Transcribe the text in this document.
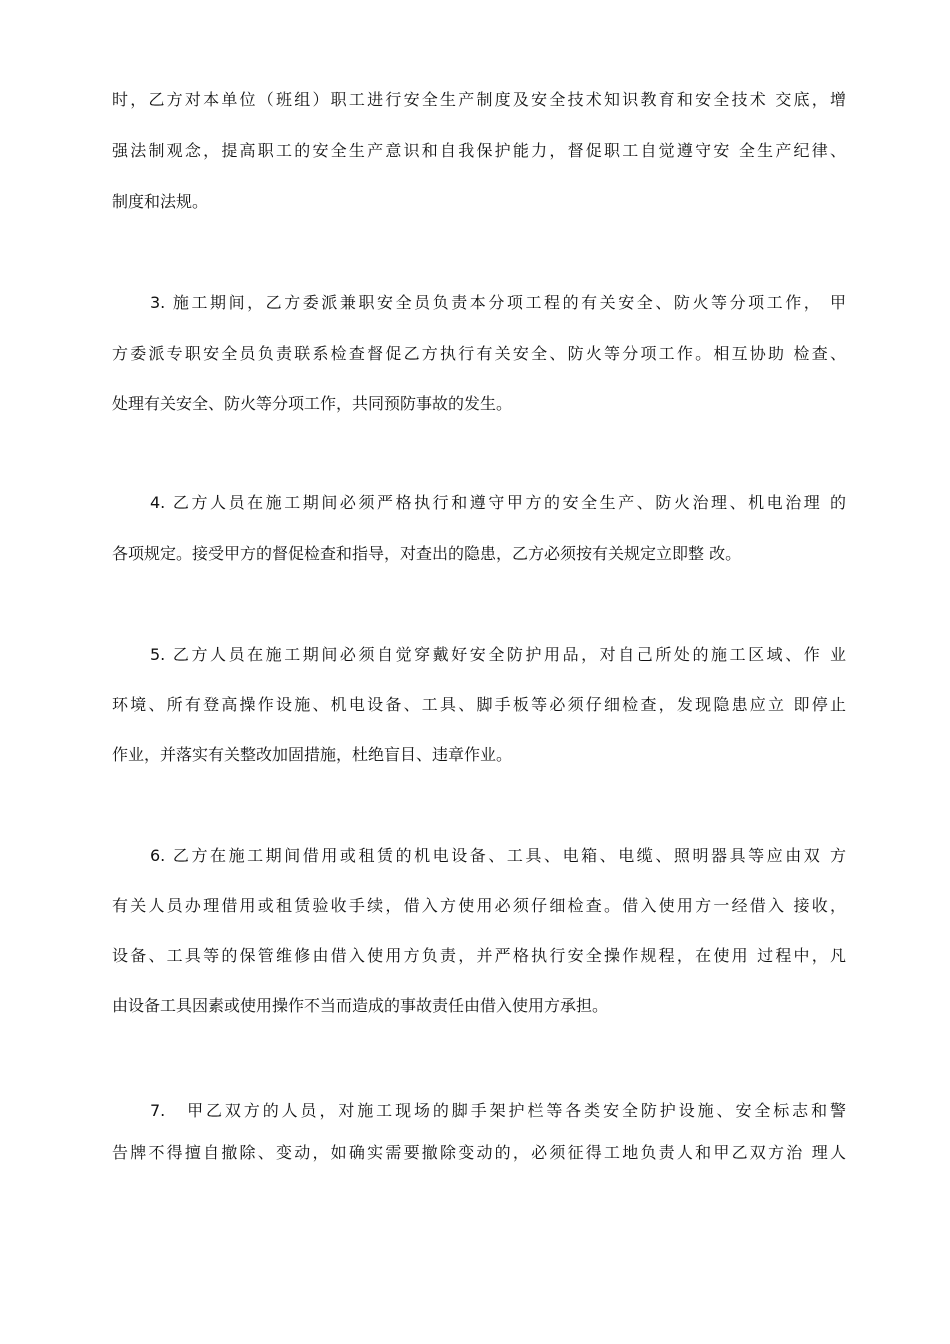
时，乙方对本单位（班组）职工进行安全生产制度及安全技术知识教育和安全技术 交底，增
强法制观念，提高职工的安全生产意识和自我保护能力，督促职工自觉遵守安 全生产纪律、
制度和法规。
3. 施工期间，乙方委派兼职安全员负责本分项工程的有关安全、防火等分项工作， 甲
方委派专职安全员负责联系检查督促乙方执行有关安全、防火等分项工作。相互协助 检查、
处理有关安全、防火等分项工作，共同预防事故的发生。
4. 乙方人员在施工期间必须严格执行和遵守甲方的安全生产、防火治理、机电治理 的
各项规定。接受甲方的督促检查和指导，对查出的隐患，乙方必须按有关规定立即整 改。
5. 乙方人员在施工期间必须自觉穿戴好安全防护用品，对自己所处的施工区域、作 业
环境、所有登高操作设施、机电设备、工具、脚手板等必须仔细检查，发现隐患应立 即停止
作业，并落实有关整改加固措施，杜绝盲目、违章作业。
6. 乙方在施工期间借用或租赁的机电设备、工具、电箱、电缆、照明器具等应由双 方
有关人员办理借用或租赁验收手续，借入方使用必须仔细检查。借入使用方一经借入 接收，
设备、工具等的保管维修由借入使用方负责，并严格执行安全操作规程，在使用 过程中，凡
由设备工具因素或使用操作不当而造成的事故责任由借入使用方承担。
7.　甲乙双方的人员，对施工现场的脚手架护栏等各类安全防护设施、安全标志和警
告牌不得擅自撤除、变动，如确实需要撤除变动的，必须征得工地负责人和甲乙双方治 理人
